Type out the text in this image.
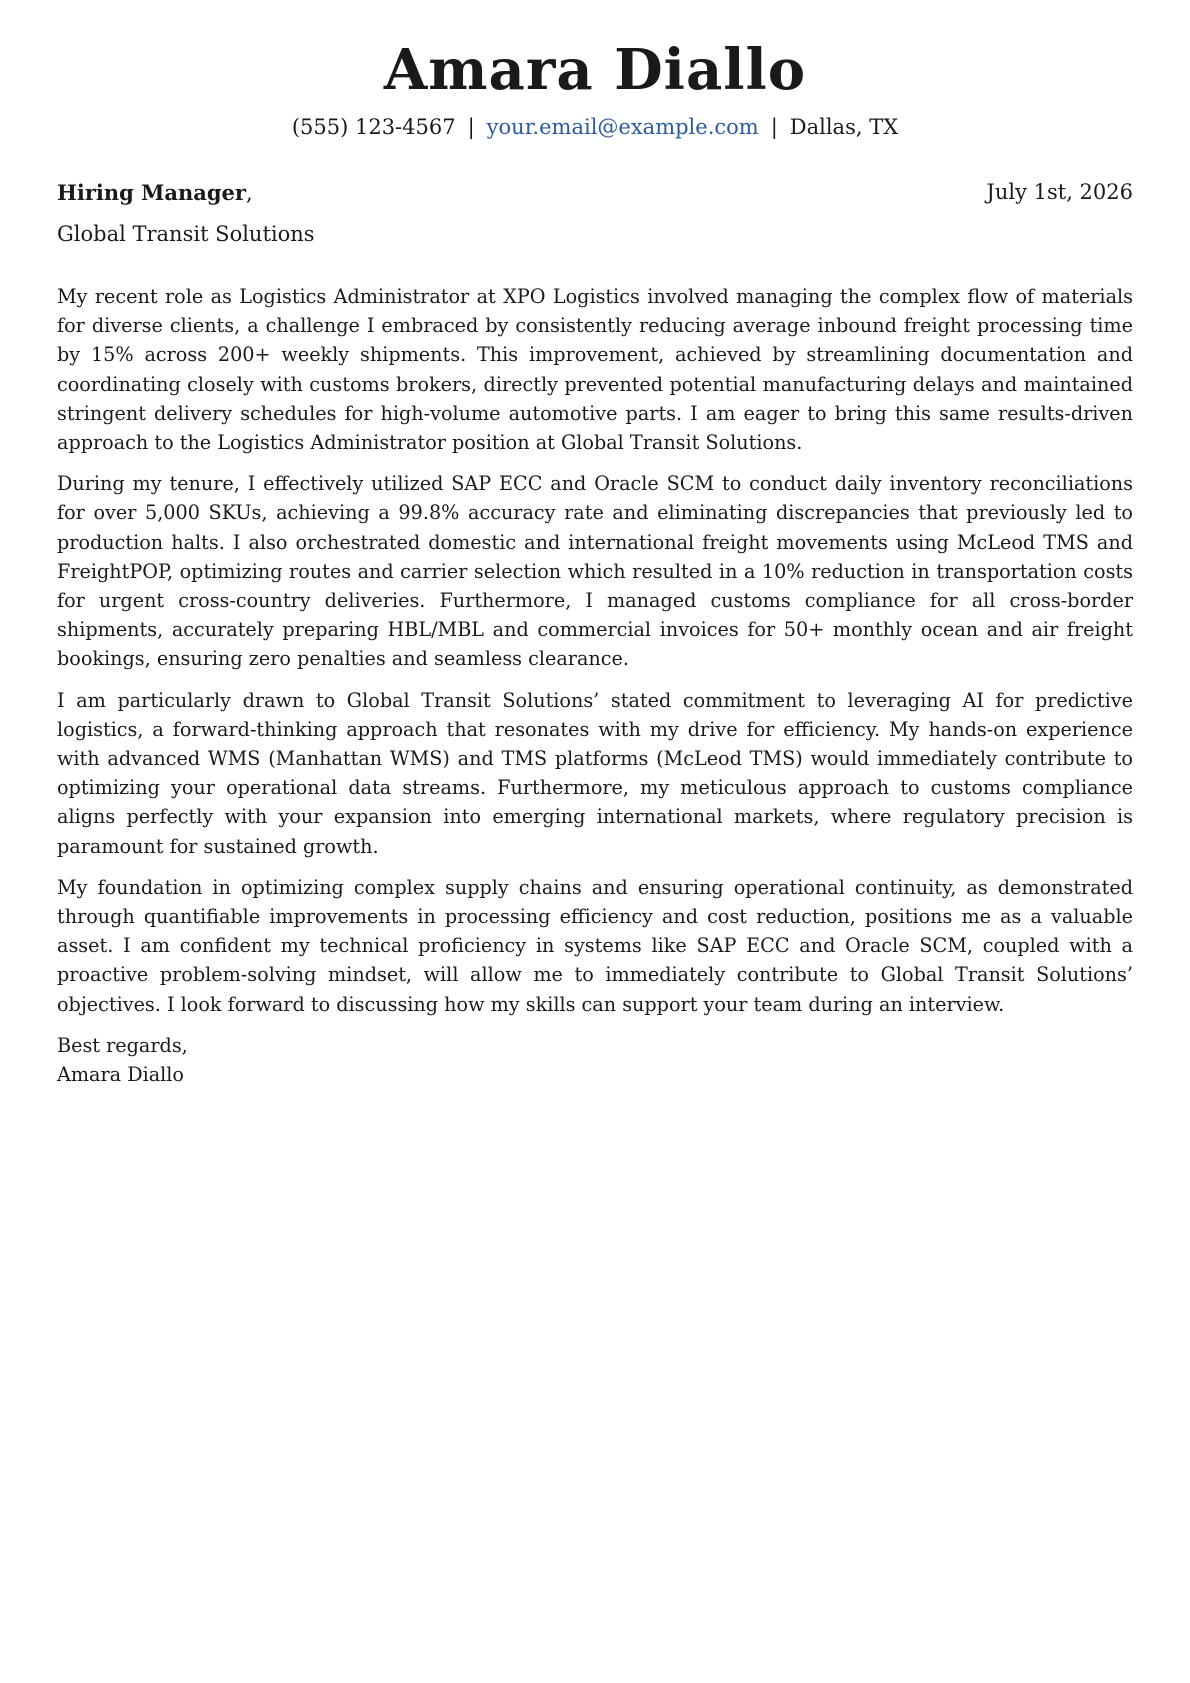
Amara Diallo
(555) 123-4567 | your.email@example.com | Dallas, TX
Hiring Manager,	July 1st, 2026
Global Transit Solutions

My recent role as Logistics Administrator at XPO Logistics involved managing the complex flow of materials for diverse clients, a challenge I embraced by consistently reducing average inbound freight processing time by 15% across 200+ weekly shipments. This improvement, achieved by streamlining documentation and coordinating closely with customs brokers, directly prevented potential manufacturing delays and maintained stringent delivery schedules for high-volume automotive parts. I am eager to bring this same results-driven approach to the Logistics Administrator position at Global Transit Solutions.

During my tenure, I effectively utilized SAP ECC and Oracle SCM to conduct daily inventory reconciliations for over 5,000 SKUs, achieving a 99.8% accuracy rate and eliminating discrepancies that previously led to production halts. I also orchestrated domestic and international freight movements using McLeod TMS and FreightPOP, optimizing routes and carrier selection which resulted in a 10% reduction in transportation costs for urgent cross-country deliveries. Furthermore, I managed customs compliance for all cross-border shipments, accurately preparing HBL/MBL and commercial invoices for 50+ monthly ocean and air freight bookings, ensuring zero penalties and seamless clearance.

I am particularly drawn to Global Transit Solutions’ stated commitment to leveraging AI for predictive logistics, a forward-thinking approach that resonates with my drive for efficiency. My hands-on experience with advanced WMS (Manhattan WMS) and TMS platforms (McLeod TMS) would immediately contribute to optimizing your operational data streams. Furthermore, my meticulous approach to customs compliance aligns perfectly with your expansion into emerging international markets, where regulatory precision is paramount for sustained growth.

My foundation in optimizing complex supply chains and ensuring operational continuity, as demonstrated through quantifiable improvements in processing efficiency and cost reduction, positions me as a valuable asset. I am confident my technical proficiency in systems like SAP ECC and Oracle SCM, coupled with a proactive problem-solving mindset, will allow me to immediately contribute to Global Transit Solutions’ objectives. I look forward to discussing how my skills can support your team during an interview.

Best regards,
Amara Diallo
